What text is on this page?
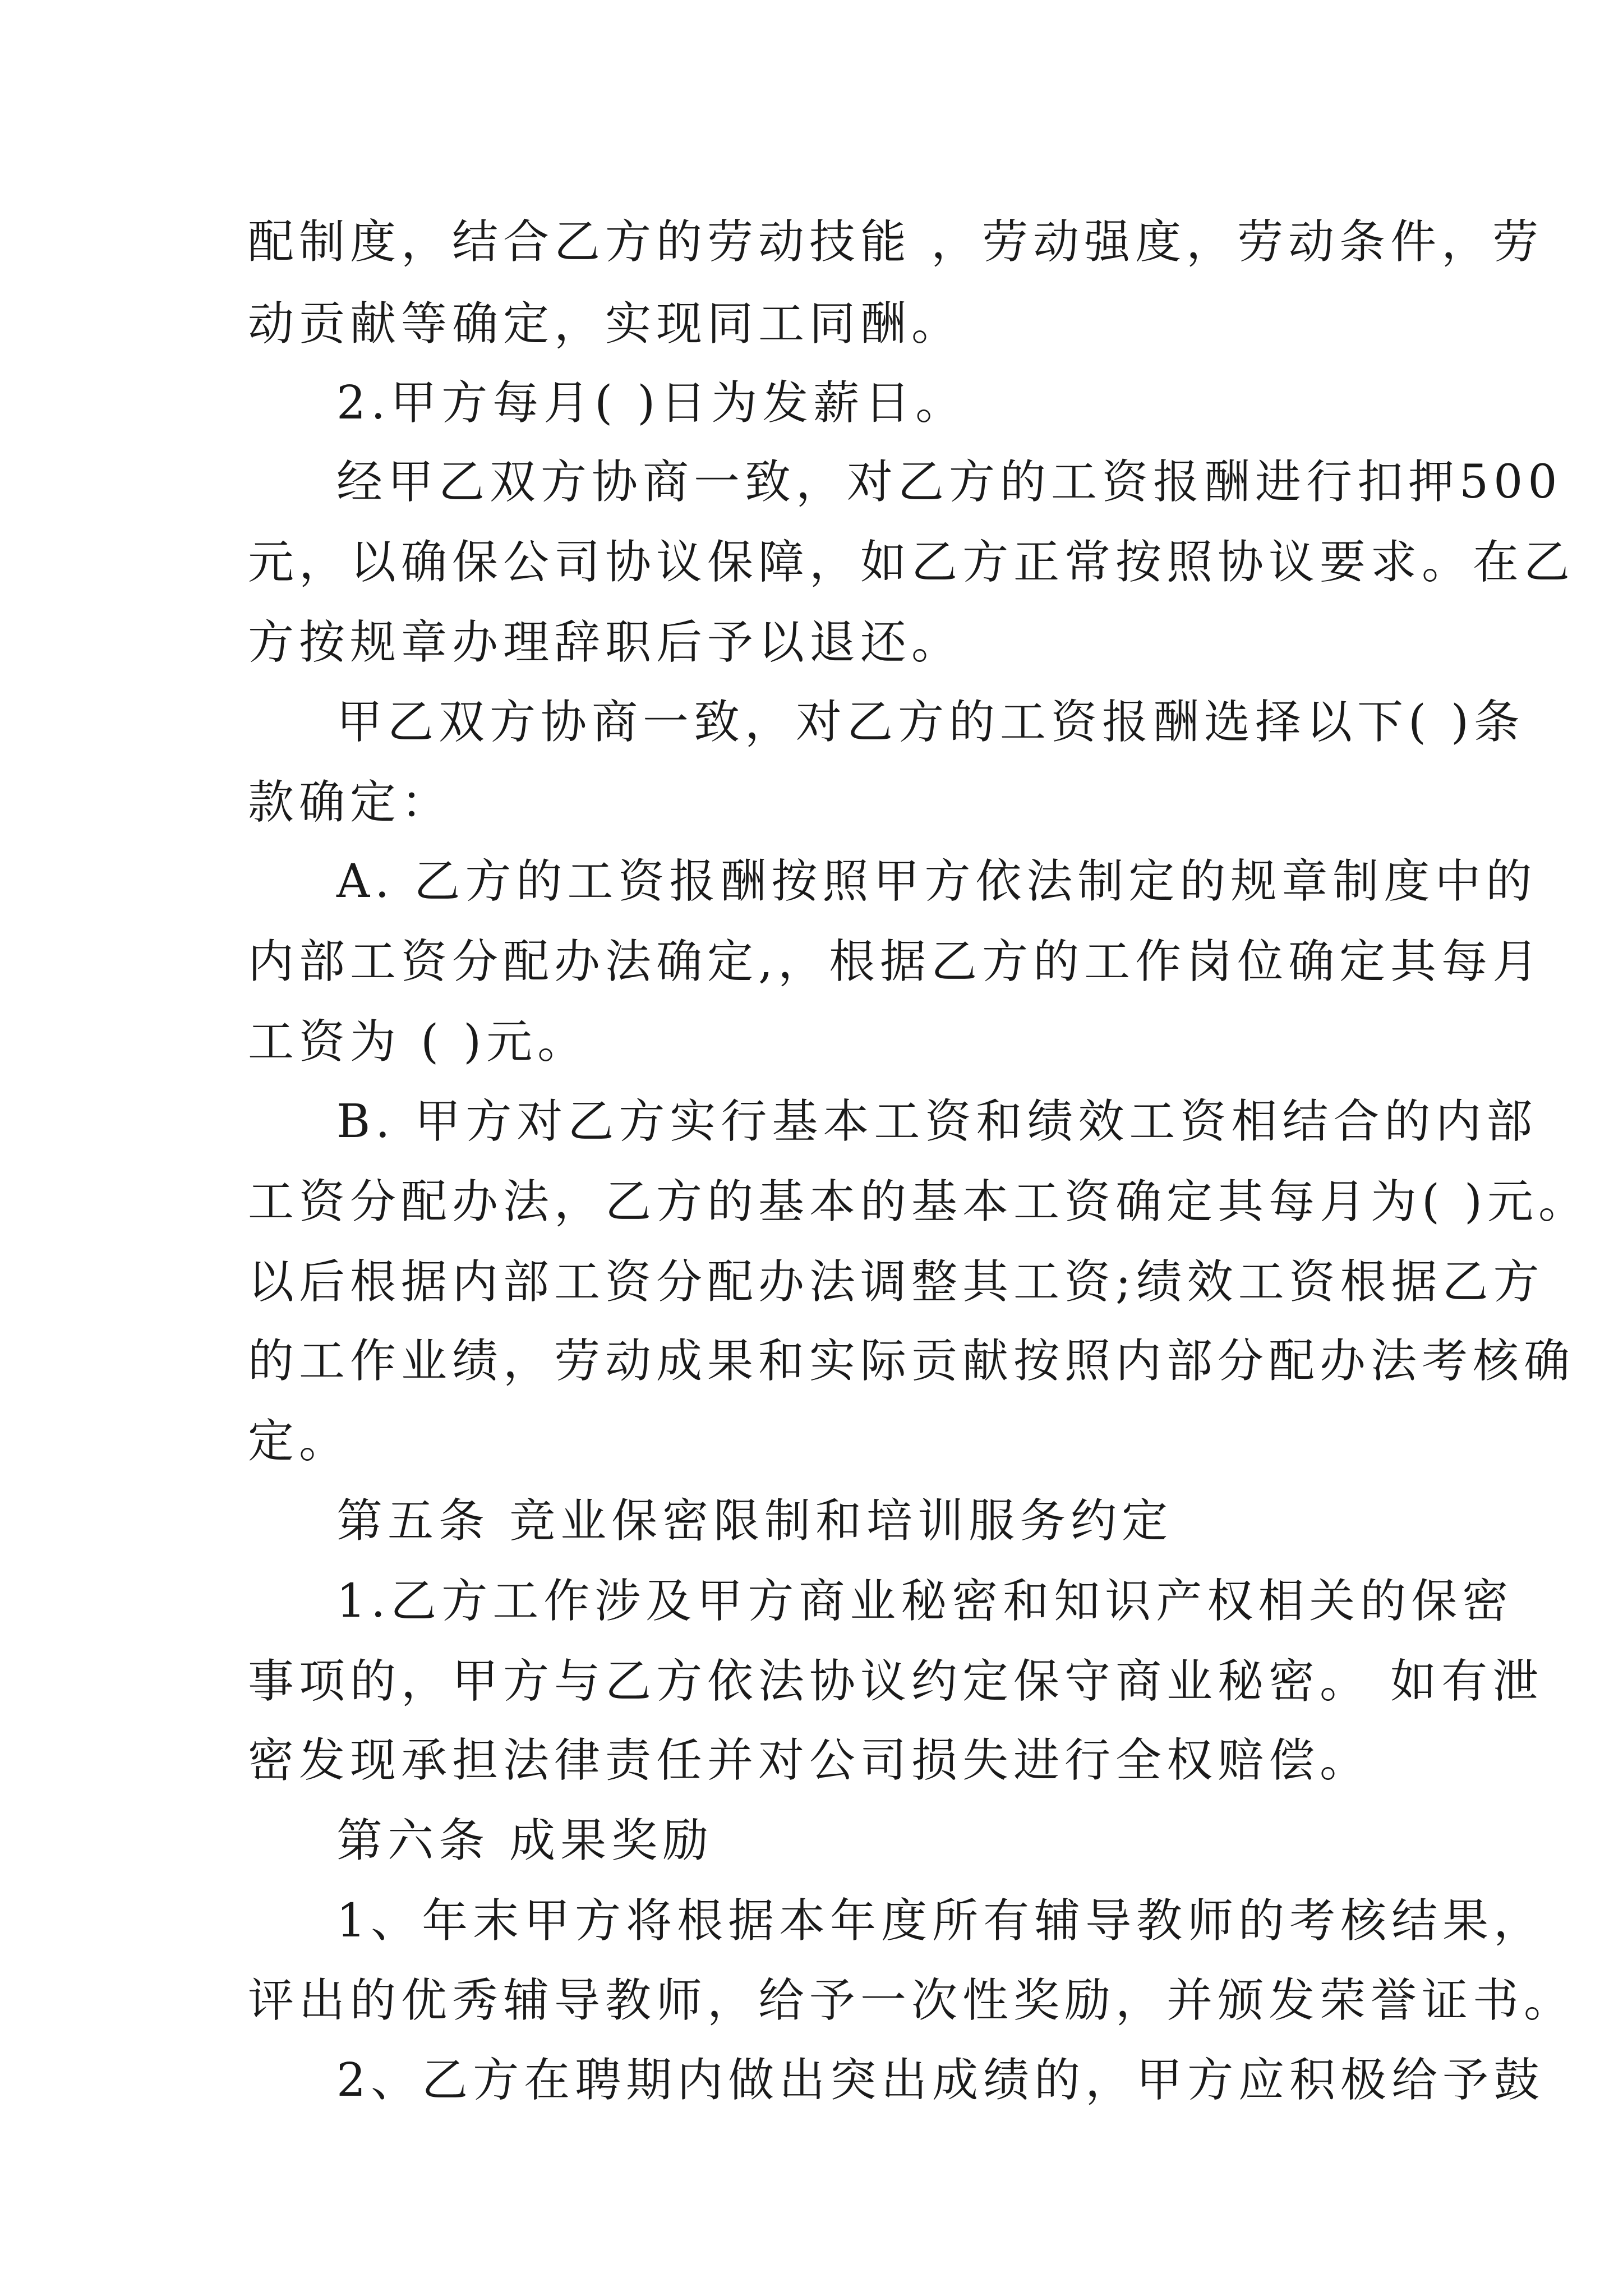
配制度，结合乙方的劳动技能 ，劳动强度，劳动条件，劳
动贡献等确定，实现同工同酬。
2.甲方每月( )日为发薪日。
经甲乙双方协商一致，对乙方的工资报酬进行扣押500
元，以确保公司协议保障，如乙方正常按照协议要求。在乙
方按规章办理辞职后予以退还。
甲乙双方协商一致，对乙方的工资报酬选择以下( )条
款确定：
A. 乙方的工资报酬按照甲方依法制定的规章制度中的
内部工资分配办法确定,，根据乙方的工作岗位确定其每月
工资为 ( )元。
B. 甲方对乙方实行基本工资和绩效工资相结合的内部
工资分配办法，乙方的基本的基本工资确定其每月为( )元。
以后根据内部工资分配办法调整其工资;绩效工资根据乙方
的工作业绩，劳动成果和实际贡献按照内部分配办法考核确
定。
第五条 竞业保密限制和培训服务约定
1.乙方工作涉及甲方商业秘密和知识产权相关的保密
事项的，甲方与乙方依法协议约定保守商业秘密。 如有泄
密发现承担法律责任并对公司损失进行全权赔偿。
第六条 成果奖励
1、年末甲方将根据本年度所有辅导教师的考核结果，
评出的优秀辅导教师，给予一次性奖励，并颁发荣誉证书。
2、乙方在聘期内做出突出成绩的，甲方应积极给予鼓
